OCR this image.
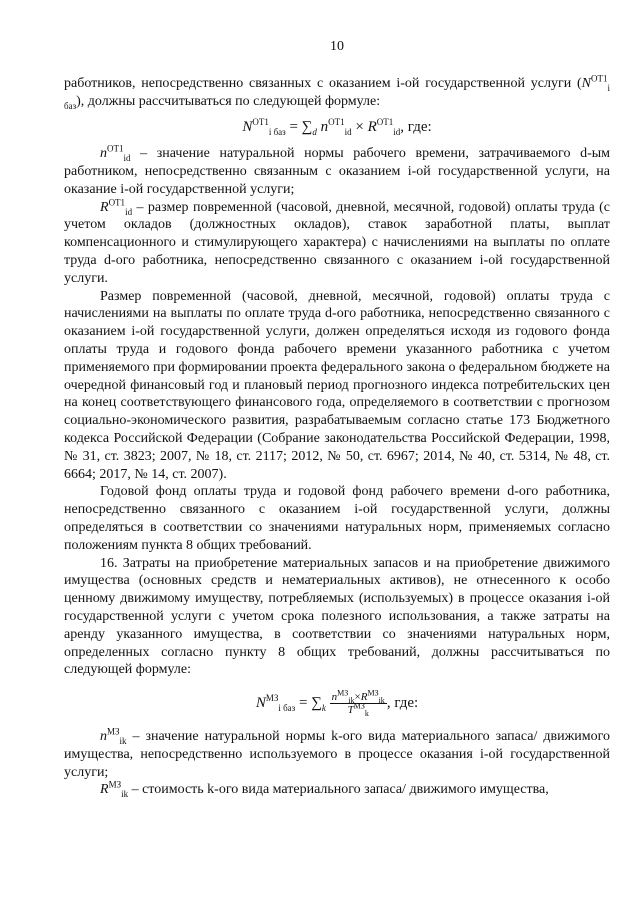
10

работников, непосредственно связанных с оказанием i-ой государственной услуги $(N^{ОТ1}_{i баз})$, должны рассчитываться по следующей формуле:

$N^{ОТ1}_{i баз} = \sum_d$ $n^{ОТ1}_{id} \times R^{ОТ1}_{id}$, где:

$n^{ОТ1}_{id}$ – значение натуральной нормы рабочего времени, затрачиваемого d-ым работником, непосредственно связанным с оказанием i-ой государственной услуги, на оказание i-ой государственной услуги;

$R^{ОТ1}_{id}$ – размер повременной (часовой, дневной, месячной, годовой) оплаты труда (с учетом окладов (должностных окладов), ставок заработной платы, выплат компенсационного и стимулирующего характера) с начислениями на выплаты по оплате труда d-ого работника, непосредственно связанного с оказанием i-ой государственной услуги.

Размер повременной (часовой, дневной, месячной, годовой) оплаты труда с начислениями на выплаты по оплате труда d-ого работника, непосредственно связанного с оказанием i-ой государственной услуги, должен определяться исходя из годового фонда оплаты труда и годового фонда рабочего времени указанного работника с учетом применяемого при формировании проекта федерального закона о федеральном бюджете на очередной финансовый год и плановый период прогнозного индекса потребительских цен на конец соответствующего финансового года, определяемого в соответствии с прогнозом социально-экономического развития, разрабатываемым согласно статье 173 Бюджетного кодекса Российской Федерации (Собрание законодательства Российской Федерации, 1998, № 31, ст. 3823; 2007, № 18, ст. 2117; 2012, № 50, ст. 6967; 2014, № 40, ст. 5314, № 48, ст. 6664; 2017, № 14, ст. 2007).

Годовой фонд оплаты труда и годовой фонд рабочего времени d-ого работника, непосредственно связанного с оказанием i-ой государственной услуги, должны определяться в соответствии со значениями натуральных норм, применяемых согласно положениям пункта 8 общих требований.

16. Затраты на приобретение материальных запасов и на приобретение движимого имущества (основных средств и нематериальных активов), не отнесенного к особо ценному движимому имуществу, потребляемых (используемых) в процессе оказания i-ой государственной услуги с учетом срока полезного использования, а также затраты на аренду указанного имущества, в соответствии со значениями натуральных норм, определенных согласно пункту 8 общих требований, должны рассчитываться по следующей формуле:

$N^{МЗ}_{i баз} = \sum_k \frac{n^{МЗ}_{ik}\times R^{МЗ}_{ik}}{T^{МЗ}_k}$ , где:

$n^{МЗ}_{ik}$ – значение натуральной нормы k-ого вида материального запаса/ движимого имущества, непосредственно используемого в процессе оказания i-ой государственной услуги;

$R^{МЗ}_{ik}$ – стоимость k-ого вида материального запаса/ движимого имущества,
